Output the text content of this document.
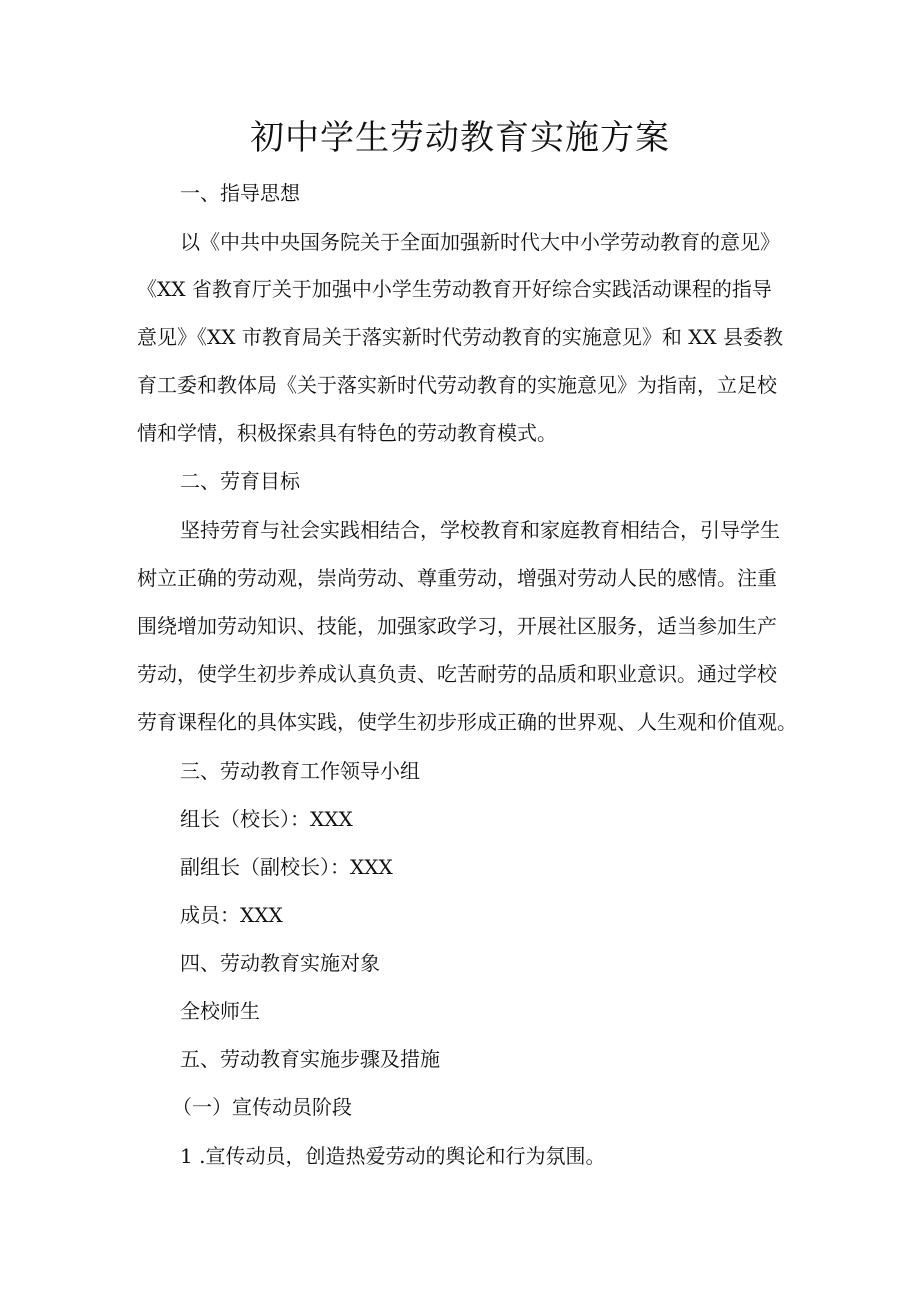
初中学生劳动教育实施方案
一、指导思想
以《中共中央国务院关于全面加强新时代大中小学劳动教育的意见》
《XX 省教育厅关于加强中小学生劳动教育开好综合实践活动课程的指导
意见》《XX 市教育局关于落实新时代劳动教育的实施意见》和 XX 县委教
育工委和教体局《关于落实新时代劳动教育的实施意见》为指南，立足校
情和学情，积极探索具有特色的劳动教育模式。
二、劳育目标
坚持劳育与社会实践相结合，学校教育和家庭教育相结合，引导学生
树立正确的劳动观，崇尚劳动、尊重劳动，增强对劳动人民的感情。注重
围绕增加劳动知识、技能，加强家政学习，开展社区服务，适当参加生产
劳动，使学生初步养成认真负责、吃苦耐劳的品质和职业意识。通过学校
劳育课程化的具体实践，使学生初步形成正确的世界观、人生观和价值观。
三、劳动教育工作领导小组
组长（校长）：XXX
副组长（副校长）：XXX
成员：XXX
四、劳动教育实施对象
全校师生
五、劳动教育实施步骤及措施
（一）宣传动员阶段
1 .宣传动员，创造热爱劳动的舆论和行为氛围。
